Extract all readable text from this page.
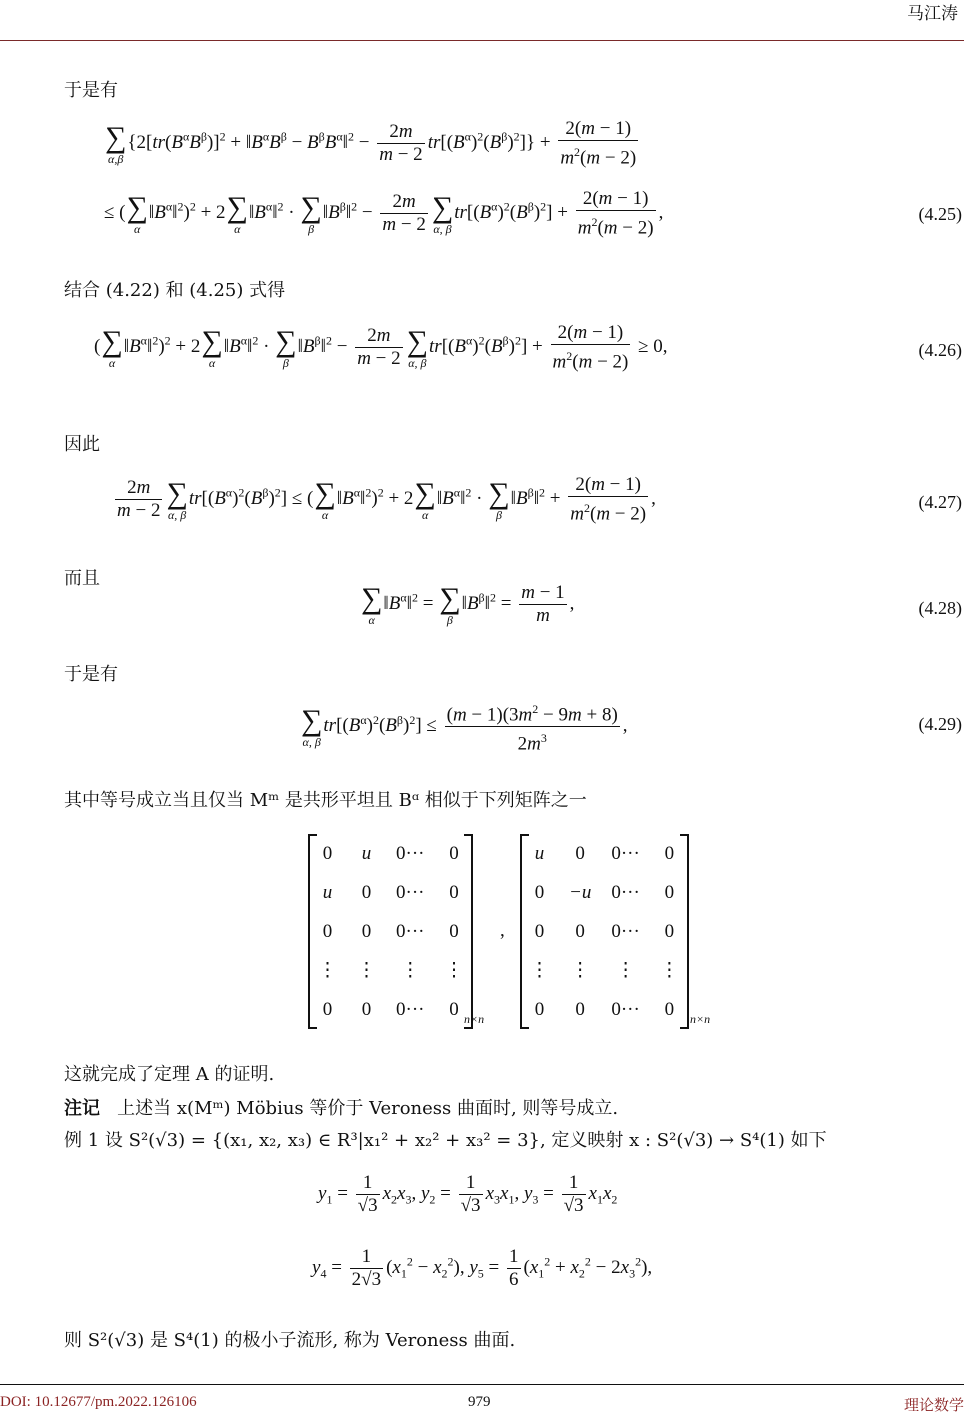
马江涛
于是有
∑
α,β
{$2[tr(B^\alpha B^\beta)]^2$ + $‖B^\alpha B^\beta$ − $B^\beta B^\alpha‖^2 - \frac{2m}{m - 2} tr[(B^\alpha)^2(B^\beta)^2]\} + \frac{2(m - 1)}{m^2(m - 2)}$
≤ ( ∑
α
$‖B^\alpha‖^2)^2 + 2$ ∑
α
$‖B^\alpha‖^2$ · ∑
β
$‖B^\beta‖^2 - \frac{2m}{m - 2}$ ∑
α, β
$tr[(B^\alpha)^2(B^\beta)^2] + \frac{2(m - 1)}{m^2(m - 2)}$ ,	(4.25)
结合 (4.22) 和 (4.25) 式得
( ∑
α
$‖B^\alpha‖^2)^2 + 2$ ∑
α
$‖B^\alpha‖^2$ · ∑
β
$‖B^\beta‖^2 - \frac{2m}{m - 2}$ ∑
α, β
$tr[(B^\alpha)^2(B^\beta)^2] + \frac{2(m - 1)}{m^2(m - 2)} \ge 0$,	(4.26)
因此
$\frac{2m}{m - 2}$ ∑
α, β
$tr[(B^\alpha)^2(B^\beta)^2]$ ≤ ( ∑
α
$‖B^\alpha‖^2)^2 + 2$ ∑
α
$‖B^\alpha‖^2$ · ∑
β
$‖B^\beta‖^2 + \frac{2(m - 1)}{m^2(m - 2)}$ ,	(4.27)
而且
∑
α
$‖B^\alpha‖^2$ = ∑
β
$‖B^\beta‖^2 = \frac{m - 1}{m}$ ,	(4.28)
于是有
∑
α, β
$tr[(B^\alpha)^2(B^\beta)^2] \le \frac{(m - 1)(3m^2 - 9m + 8)}{2m^3}$ ,	(4.29)
其中等号成立当且仅当 Mᵐ 是共形平坦且 Bᵅ 相似于下列矩阵之一
0	u	0···	0
u	0	0···	0
0	0	0···	0
⋮	⋮	⋮	⋮
0	0	0···	0 n×n
,
u	0	0···	0
0	−u	0···	0
0	0	0···	0
⋮	⋮	⋮	⋮
0	0	0···	0 n×n
这就完成了定理 A 的证明.
注记 上述当 x(Mᵐ) Möbius 等价于 Veroness 曲面时, 则等号成立.
例 1 设 S²(√3) = {(x₁, x₂, x₃) ∈ R³|x₁² + x₂² + x₃² = 3}, 定义映射 x : S²(√3) → S⁴(1) 如下
$y_1 = \frac{1}{√3} x_2x_3$, $y_2 = \frac{1}{√3} x_3x_1$, $y_3 = \frac{1}{√3} x_1x_2$
$y_4 = \frac{1}{2√3} (x_1^2 - x_2^2)$, $y_5 = \frac{1}{6} (x_1^2 + x_2^2 - 2x_3^2)$,
则 S²(√3) 是 S⁴(1) 的极小子流形, 称为 Veroness 曲面.
DOI: 10.12677/pm.2022.126106	979	理论数学
